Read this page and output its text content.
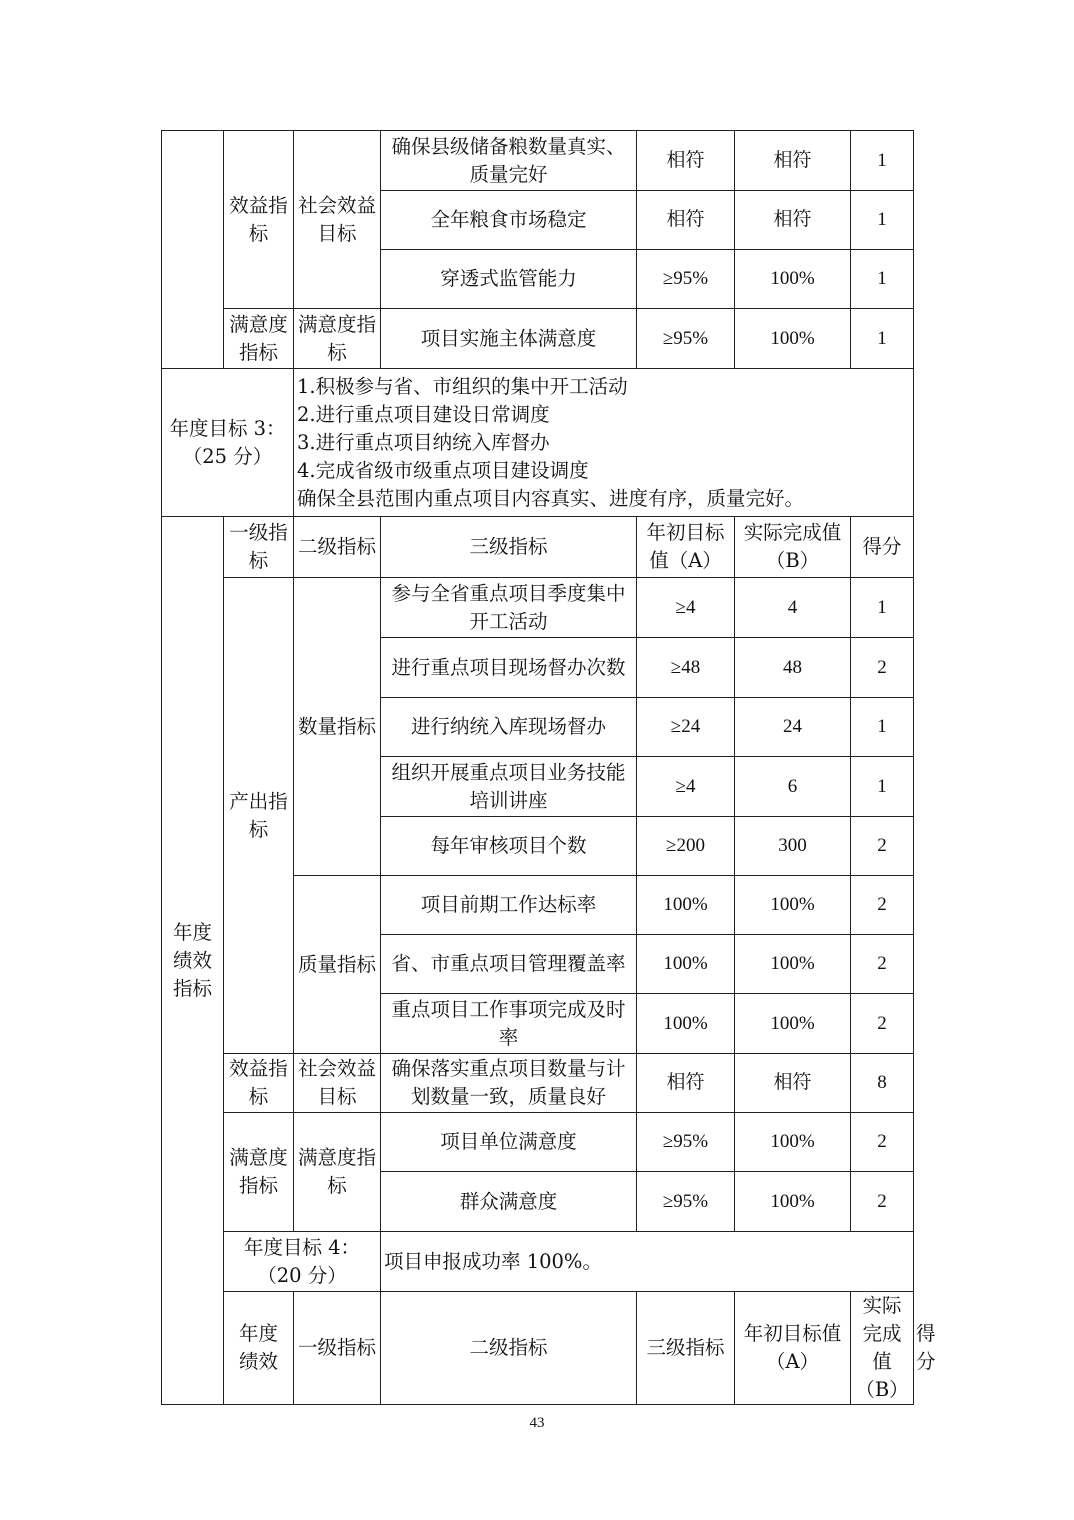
	效益指标	社会效益目标	确保县级储备粮数量真实、质量完好	相符	相符	1	
			全年粮食市场稳定	相符	相符	1	
			穿透式监管能力	≥95%	100%	1	
	满意度指标	满意度指标	项目实施主体满意度	≥95%	100%	1	

年度目标 3：
（25 分）		1.积极参与省、市组织的集中开工活动
2.进行重点项目建设日常调度
3.进行重点项目纳统入库督办
4.完成省级市级重点项目建设调度
确保全县范围内重点项目内容真实、进度有序，质量完好。					

年度绩效指标	一级指标	二级指标	三级指标	年初目标值（A）	实际完成值（B）	得分	
	产出指标	数量指标	参与全省重点项目季度集中开工活动	≥4	4	1	
			进行重点项目现场督办次数	≥48	48	2	
			进行纳统入库现场督办	≥24	24	1	
			组织开展重点项目业务技能培训讲座	≥4	6	1	
			每年审核项目个数	≥200	300	2	
		质量指标	项目前期工作达标率	100%	100%	2	
			省、市重点项目管理覆盖率	100%	100%	2	
			重点项目工作事项完成及时率	100%	100%	2	
	效益指标	社会效益目标	确保落实重点项目数量与计划数量一致，质量良好	相符	相符	8	
	满意度指标	满意度指标	项目单位满意度	≥95%	100%	2	
			群众满意度	≥95%	100%	2	

	年度目标 4：
（20 分）		项目申报成功率 100%。				
	年度绩效	一级指标	二级指标	三级指标	年初目标值（A）	实际完成值（B）	得分
43
